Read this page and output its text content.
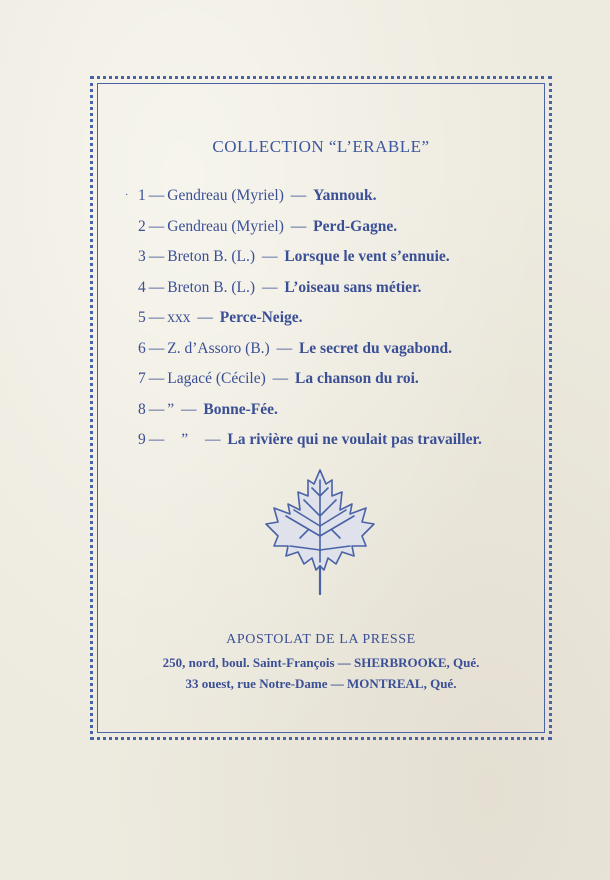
COLLECTION “L’ERABLE”
· 1 — Gendreau (Myriel) — Yannouk.
2 — Gendreau (Myriel) — Perd-Gagne.
3 — Breton B. (L.) — Lorsque le vent s’ennuie.
4 — Breton B. (L.) — L’oiseau sans métier.
5 — xxx — Perce-Neige.
6 — Z. d’Assoro (B.) — Le secret du vagabond.
7 — Lagacé (Cécile) — La chanson du roi.
8 — ” — Bonne-Fée.
9 — ” — La rivière qui ne voulait pas travailler.
APOSTOLAT DE LA PRESSE
250, nord, boul. Saint-François — SHERBROOKE, Qué.
33 ouest, rue Notre-Dame — MONTREAL, Qué.
